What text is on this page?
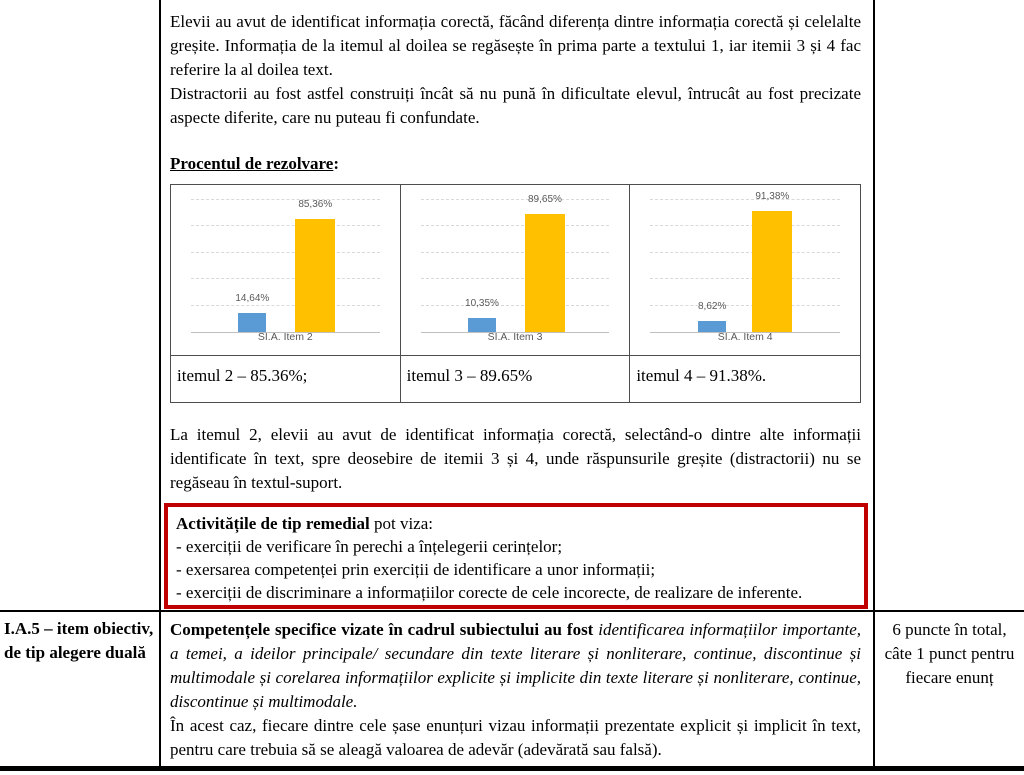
Elevii au avut de identificat informația corectă, făcând diferența dintre informația corectă și celelalte greșite. Informația de la itemul al doilea se regăsește în prima parte a textului 1, iar itemii 3 și 4 fac referire la al doilea text.

Distractorii au fost astfel construiți încât să nu pună în dificultate elevul, întrucât au fost precizate aspecte diferite, care nu puteau fi confundate.

Procentul de rezolvare:

14,64%
85,36%
SI.A. Item 2
10,35%
89,65%
SI.A. Item 3
8,62%
91,38%
SI.A. Item 4
itemul 2 – 85.36%;	itemul 3 – 89.65%	itemul 4 – 91.38%.

La itemul 2, elevii au avut de identificat informația corectă, selectând-o dintre alte informații identificate în text, spre deosebire de itemii 3 și 4, unde răspunsurile greșite (distractorii) nu se regăseau în textul-suport.

Activitățile de tip remedial pot viza:

- exerciții de verificare în perechi a înțelegerii cerințelor;

- exersarea competenței prin exerciții de identificare a unor informații;

- exerciții de discriminare a informațiilor corecte de cele incorecte, de realizare de inferente.

I.A.5 – item obiectiv, de tip alegere duală

Competențele specifice vizate în cadrul subiectului au fost identificarea informațiilor importante, a temei, a ideilor principale/ secundare din texte literare și nonliterare, continue, discontinue și multimodale și corelarea informațiilor explicite și implicite din texte literare și nonliterare, continue, discontinue și multimodale.

În acest caz, fiecare dintre cele șase enunțuri vizau informații prezentate explicit și implicit în text, pentru care trebuia să se aleagă valoarea de adevăr (adevărată sau falsă).

6 puncte în total, câte 1 punct pentru fiecare enunț
